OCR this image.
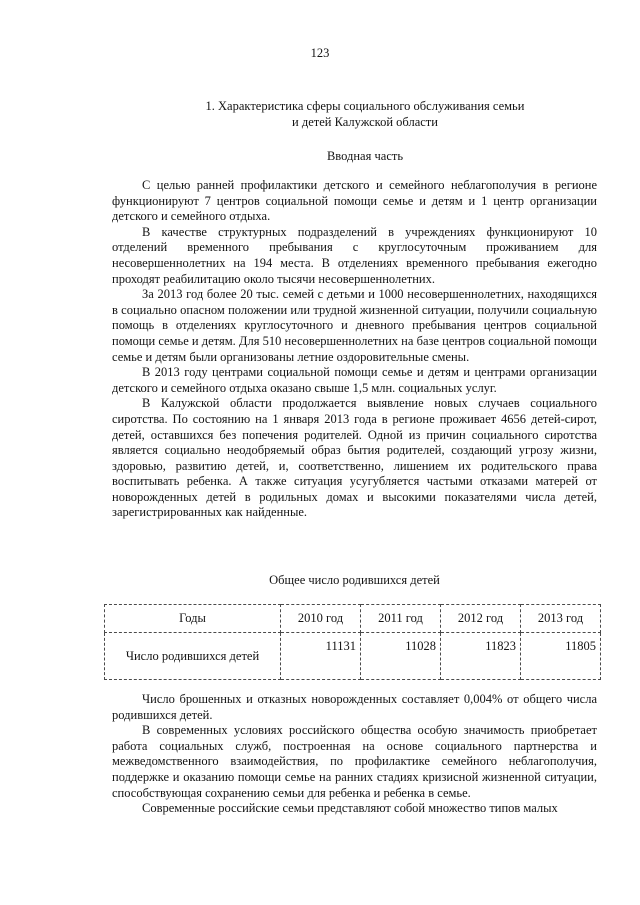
123
1. Характеристика сферы социального обслуживания семьи
и детей Калужской области
Вводная часть

С целью ранней профилактики детского и семейного неблагополучия в регионе функционируют 7 центров социальной помощи семье и детям и 1 центр организации детского и семейного отдыха.

В качестве структурных подразделений в учреждениях функционируют 10 отделений временного пребывания с круглосуточным проживанием для несовершеннолетних на 194 места. В отделениях временного пребывания ежегодно проходят реабилитацию около тысячи несовершеннолетних.

За 2013 год более 20 тыс. семей с детьми и 1000 несовершеннолетних, находящихся в социально опасном положении или трудной жизненной ситуации, получили социальную помощь в отделениях круглосуточного и дневного пребывания центров социальной помощи семье и детям. Для 510 несовершеннолетних на базе центров социальной помощи семье и детям были организованы летние оздоровительные смены.

В 2013 году центрами социальной помощи семье и детям и центрами организации детского и семейного отдыха оказано свыше 1,5 млн. социальных услуг.

В Калужской области продолжается выявление новых случаев социального сиротства. По состоянию на 1 января 2013 года в регионе проживает 4656 детей-сирот, детей, оставшихся без попечения родителей. Одной из причин социального сиротства является социально неодобряемый образ бытия родителей, создающий угрозу жизни, здоровью, развитию детей, и, соответственно, лишением их родительского права воспитывать ребенка. А также ситуация усугубляется частыми отказами матерей от новорожденных детей в родильных домах и высокими показателями числа детей, зарегистрированных как найденные.

Общее число родившихся детей
Годы	2010 год	2011 год	2012 год	2013 год
Число родившихся детей	11131	11028	11823	11805

Число брошенных и отказных новорожденных составляет 0,004% от общего числа родившихся детей.

В современных условиях российского общества особую значимость приобретает работа социальных служб, построенная на основе социального партнерства и межведомственного взаимодействия, по профилактике семейного неблагополучия, поддержке и оказанию помощи семье на ранних стадиях кризисной жизненной ситуации, способствующая сохранению семьи для ребенка и ребенка в семье.

Современные российские семьи представляют собой множество типов малых
